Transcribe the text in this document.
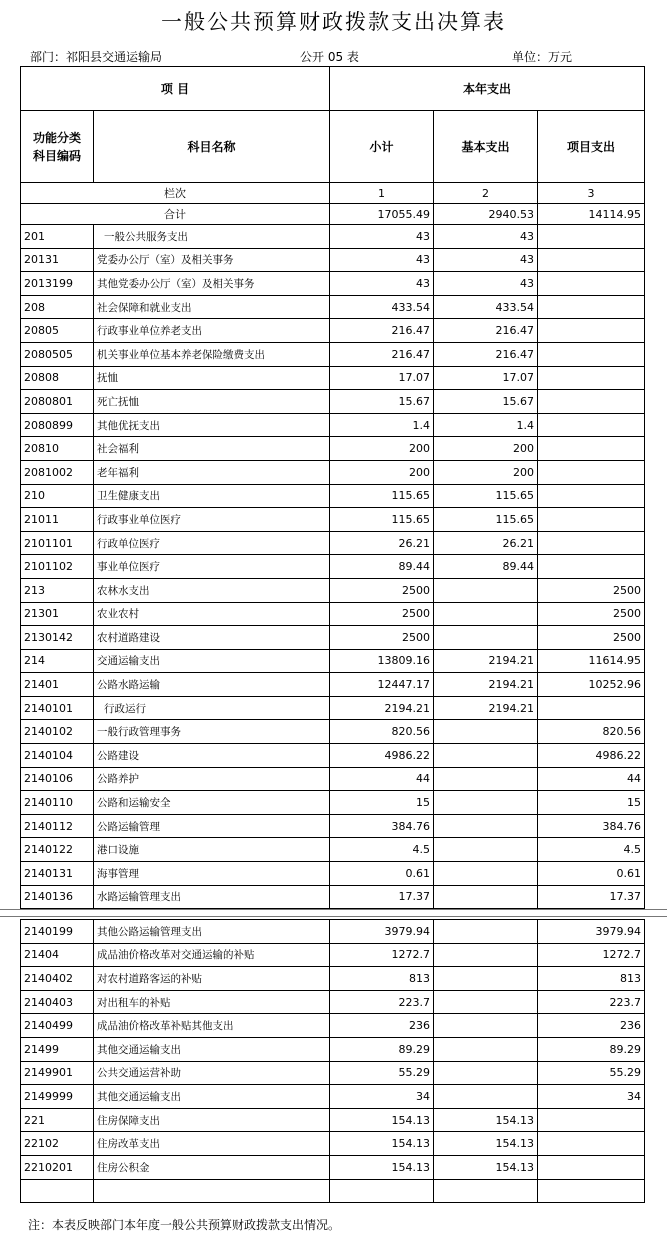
一般公共预算财政拨款支出决算表
部门：祁阳县交通运输局	公开 05 表	单位：万元
项 目		本年支出		
功能分类
科目编码	科目名称	小计	基本支出	项目支出
栏次		1	2	3
合计		17055.49	2940.53	14114.95
201	一般公共服务支出	43	43	
20131	党委办公厅（室）及相关事务	43	43	
2013199	其他党委办公厅（室）及相关事务	43	43	
208	社会保障和就业支出	433.54	433.54	
20805	行政事业单位养老支出	216.47	216.47	
2080505	机关事业单位基本养老保险缴费支出	216.47	216.47	
20808	抚恤	17.07	17.07	
2080801	死亡抚恤	15.67	15.67	
2080899	其他优抚支出	1.4	1.4	
20810	社会福利	200	200	
2081002	老年福利	200	200	
210	卫生健康支出	115.65	115.65	
21011	行政事业单位医疗	115.65	115.65	
2101101	行政单位医疗	26.21	26.21	
2101102	事业单位医疗	89.44	89.44	
213	农林水支出	2500		2500
21301	农业农村	2500		2500
2130142	农村道路建设	2500		2500
214	交通运输支出	13809.16	2194.21	11614.95
21401	公路水路运输	12447.17	2194.21	10252.96
2140101	行政运行	2194.21	2194.21	
2140102	一般行政管理事务	820.56		820.56
2140104	公路建设	4986.22		4986.22
2140106	公路养护	44		44
2140110	公路和运输安全	15		15
2140112	公路运输管理	384.76		384.76
2140122	港口设施	4.5		4.5
2140131	海事管理	0.61		0.61
2140136	水路运输管理支出	17.37		17.37
2140199	其他公路运输管理支出	3979.94		3979.94
21404	成品油价格改革对交通运输的补贴	1272.7		1272.7
2140402	对农村道路客运的补贴	813		813
2140403	对出租车的补贴	223.7		223.7
2140499	成品油价格改革补贴其他支出	236		236
21499	其他交通运输支出	89.29		89.29
2149901	公共交通运营补助	55.29		55.29
2149999	其他交通运输支出	34		34
221	住房保障支出	154.13	154.13	
22102	住房改革支出	154.13	154.13	
2210201	住房公积金	154.13	154.13	

注：本表反映部门本年度一般公共预算财政拨款支出情况。
